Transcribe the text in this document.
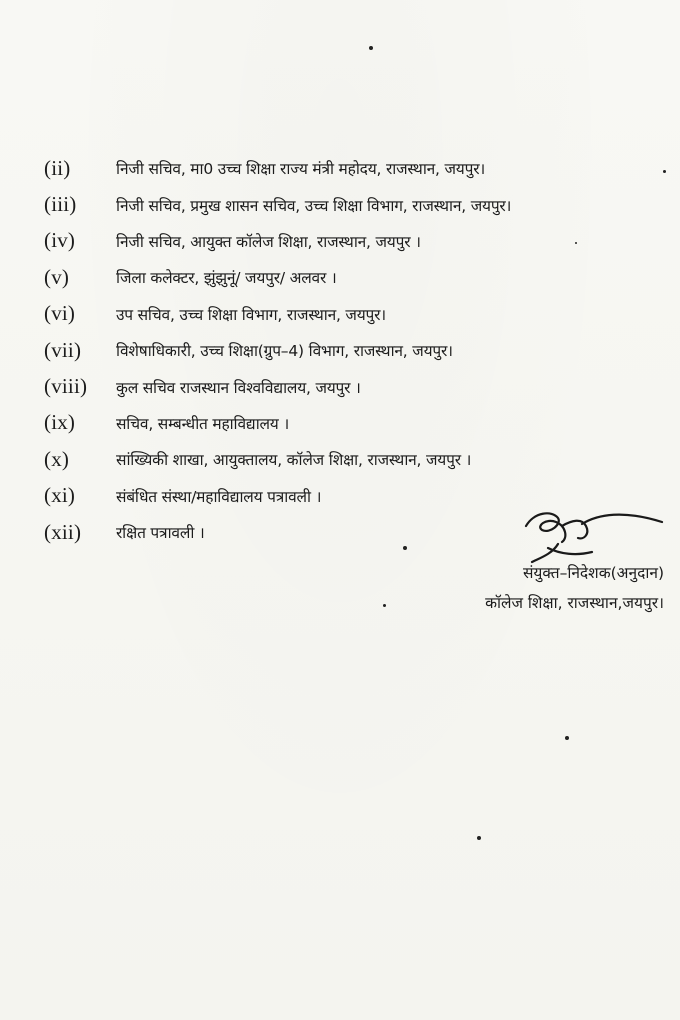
(ii)	निजी सचिव, मा0 उच्च शिक्षा राज्य मंत्री महोदय, राजस्थान, जयपुर।
(iii)	निजी सचिव, प्रमुख शासन सचिव, उच्च शिक्षा विभाग, राजस्थान, जयपुर।
(iv)	निजी सचिव, आयुक्त कॉलेज शिक्षा, राजस्थान, जयपुर ।
(v)	जिला कलेक्टर, झुंझुनूं/ जयपुर/ अलवर ।
(vi)	उप सचिव, उच्च शिक्षा विभाग, राजस्थान, जयपुर।
(vii)	विशेषाधिकारी, उच्च शिक्षा(ग्रुप–4) विभाग, राजस्थान, जयपुर।
(viii)	कुल सचिव राजस्थान विश्वविद्यालय, जयपुर ।
(ix)	सचिव, सम्बन्धीत महाविद्यालय ।
(x)	सांख्यिकी शाखा, आयुक्तालय, कॉलेज शिक्षा, राजस्थान, जयपुर ।
(xi)	संबंधित संस्था/महाविद्यालय पत्रावली ।
(xii)	रक्षित पत्रावली ।
संयुक्त–निदेशक(अनुदान)
कॉलेज शिक्षा, राजस्थान,जयपुर।
